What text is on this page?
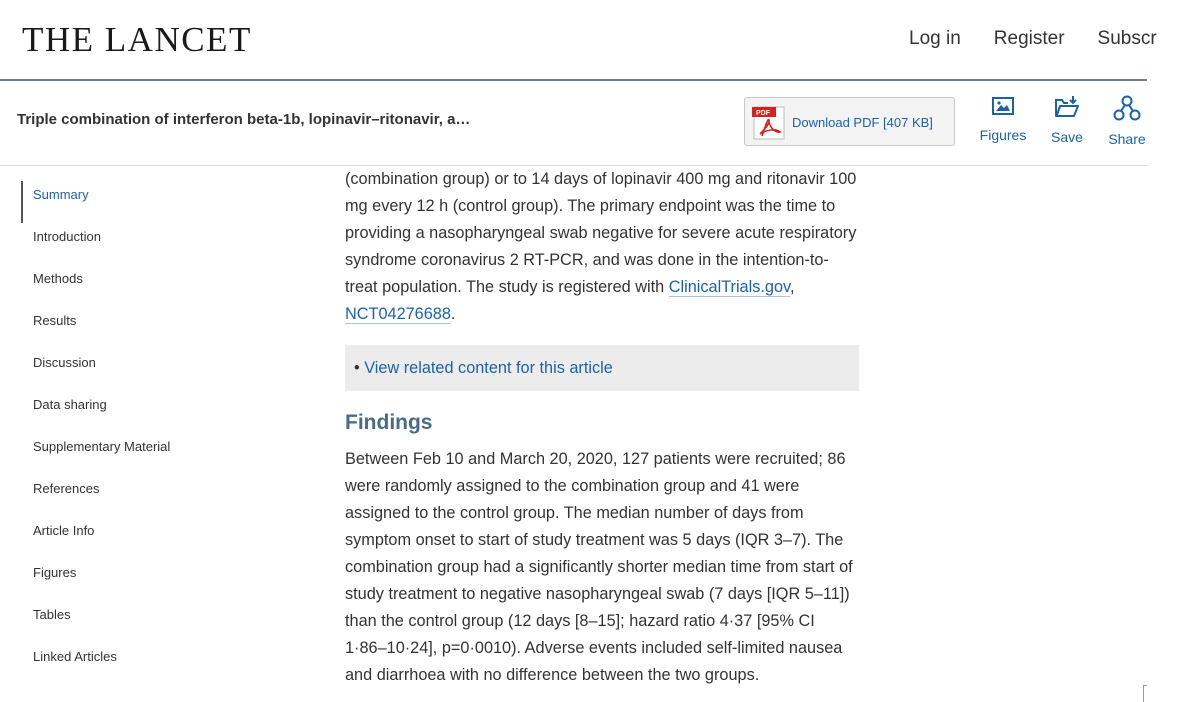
THE LANCET	Log in Register Subscr
Triple combination of interferon beta-1b, lopinavir–ritonavir, a…	PDF
Download PDF [407 KB]
Figures	Save	Share
Summary
Introduction
Methods
Results
Discussion
Data sharing
Supplementary Material
References
Article Info
Figures
Tables
Linked Articles

(combination group) or to 14 days of lopinavir 400 mg and ritonavir 100 mg every 12 h (control group). The primary endpoint was the time to providing a nasopharyngeal swab negative for severe acute respiratory syndrome coronavirus 2 RT-PCR, and was done in the intention-to-treat population. The study is registered with ClinicalTrials.gov, NCT04276688.

• View related content for this article
Findings

Between Feb 10 and March 20, 2020, 127 patients were recruited; 86 were randomly assigned to the combination group and 41 were assigned to the control group. The median number of days from symptom onset to start of study treatment was 5 days (IQR 3–7). The combination group had a significantly shorter median time from start of study treatment to negative nasopharyngeal swab (7 days [IQR 5–11]) than the control group (12 days [8–15]; hazard ratio 4·37 [95% CI 1·86–10·24], p=0·0010). Adverse events included self-limited nausea and diarrhoea with no difference between the two groups.
